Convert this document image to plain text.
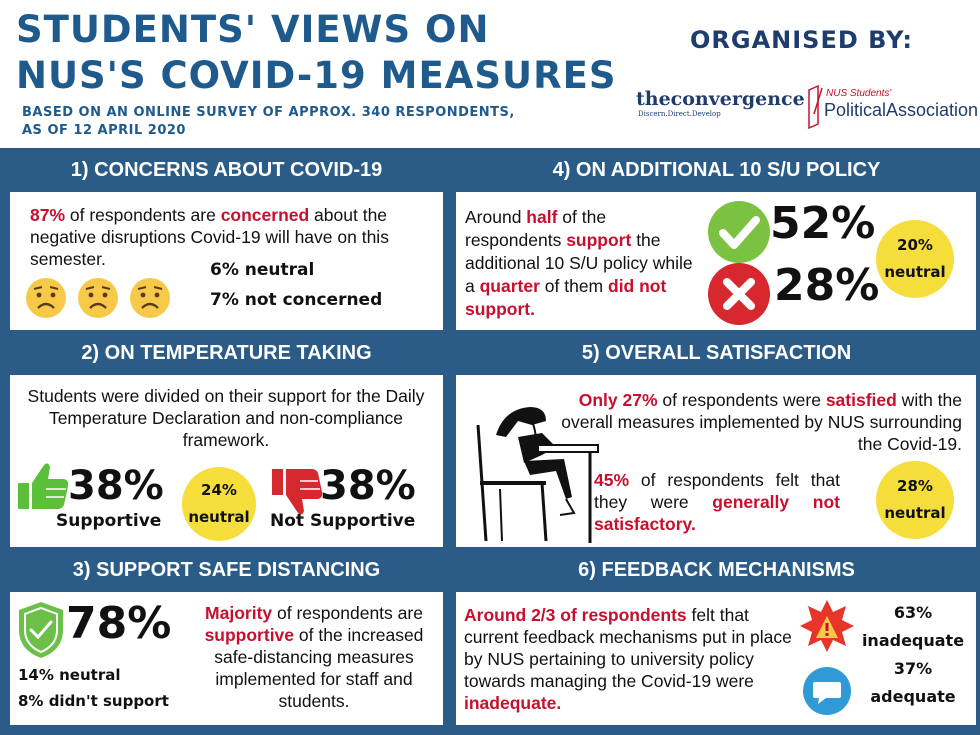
STUDENTS' VIEWS ON
NUS'S COVID-19 MEASURES
BASED ON AN ONLINE SURVEY OF APPROX. 340 RESPONDENTS,
AS OF 12 APRIL 2020
ORGANISED BY:
theconvergence
Discern.Direct.Develop
NUS Students'
PoliticalAssociation
1) CONCERNS ABOUT COVID-19
87% of respondents are concerned about the negative disruptions Covid-19 will have on this semester.
6% neutral
7% not concerned
4) ON ADDITIONAL 10 S/U POLICY
Around half of the respondents support the additional 10 S/U policy while a quarter of them did not support.
52%
28%
20%
neutral
2) ON TEMPERATURE TAKING
Students were divided on their support for the Daily Temperature Declaration and non-compliance framework.
38%
Supportive
24%
neutral
38%
Not Supportive
5) OVERALL SATISFACTION
Only 27% of respondents were satisfied with the overall measures implemented by NUS surrounding the Covid-19.
45% of respondents felt that they were generally not satisfactory.
28%
neutral
3) SUPPORT SAFE DISTANCING
78%
14% neutral
8% didn't support
Majority of respondents are supportive of the increased safe-distancing measures implemented for staff and students.
6) FEEDBACK MECHANISMS
Around 2/3 of respondents felt that current feedback mechanisms put in place by NUS pertaining to university policy towards managing the Covid-19 were inadequate.
63%
inadequate
37%
adequate
